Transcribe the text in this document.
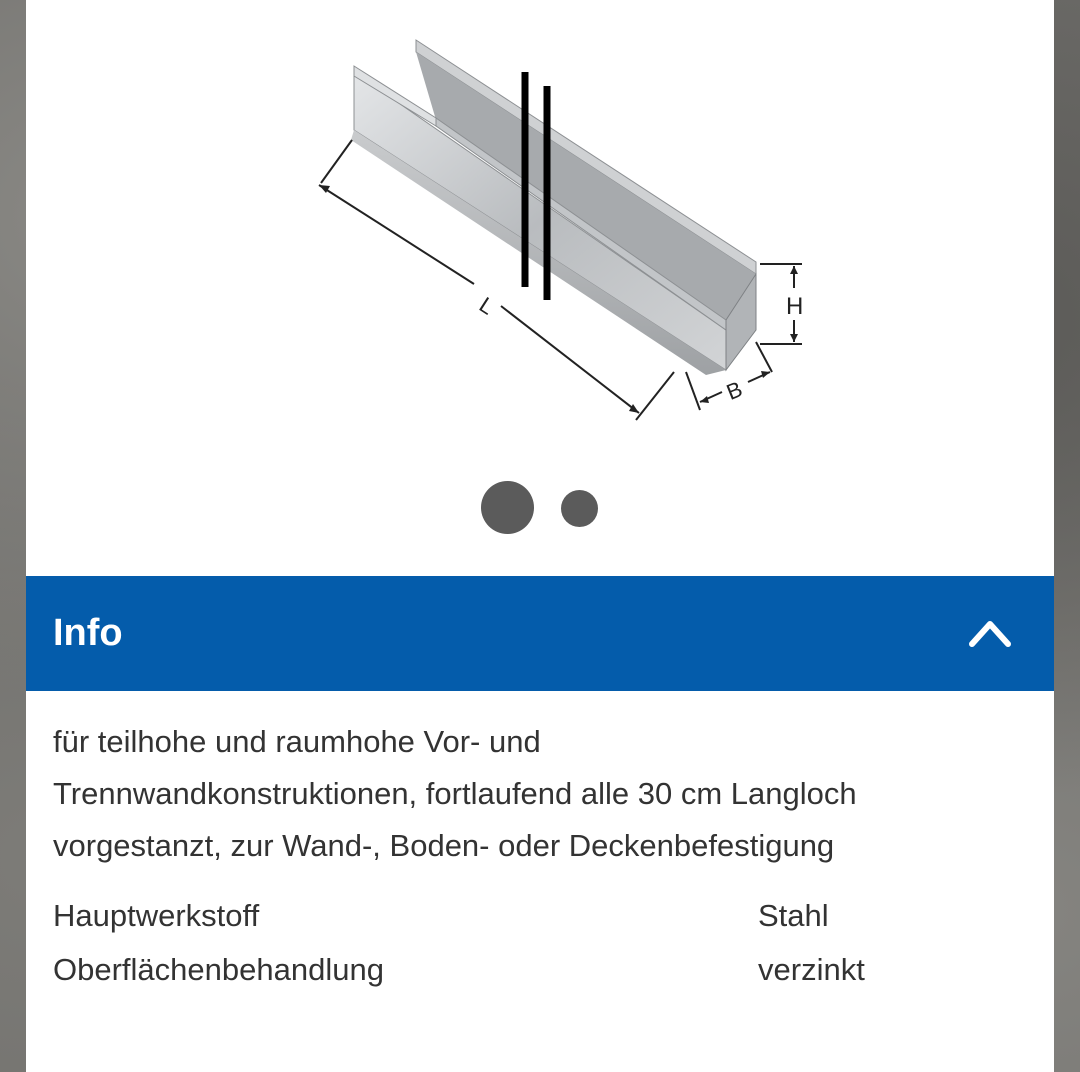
L	H
B
Info
für teilhohe und raumhohe Vor- und
Trennwandkonstruktionen, fortlaufend alle 30 cm Langloch
vorgestanzt, zur Wand-, Boden- oder Deckenbefestigung
Hauptwerkstoff	Stahl
Oberflächenbehandlung	verzinkt
